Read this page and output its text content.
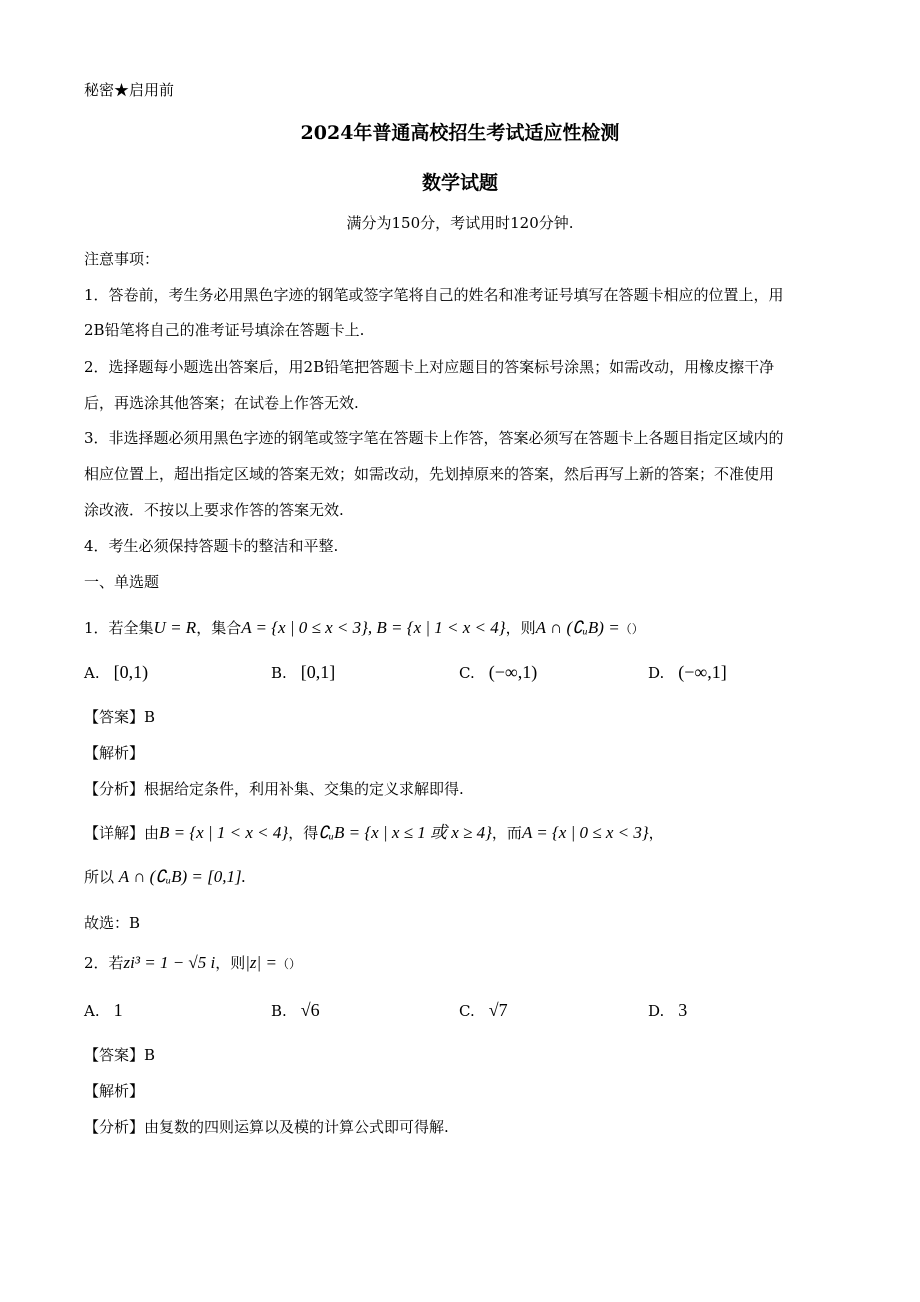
秘密★启用前
2024年普通高校招生考试适应性检测
数学试题
满分为150分，考试用时120分钟.
注意事项：
1．答卷前，考生务必用黑色字迹的钢笔或签字笔将自己的姓名和准考证号填写在答题卡相应的位置上，用
2B铅笔将自己的准考证号填涂在答题卡上.
2．选择题每小题选出答案后，用2B铅笔把答题卡上对应题目的答案标号涂黑；如需改动，用橡皮擦干净
后，再选涂其他答案；在试卷上作答无效.
3．非选择题必须用黑色字迹的钢笔或签字笔在答题卡上作答，答案必须写在答题卡上各题目指定区域内的
相应位置上，超出指定区域的答案无效；如需改动，先划掉原来的答案，然后再写上新的答案；不准使用
涂改液．不按以上要求作答的答案无效.
4．考生必须保持答题卡的整洁和平整.
一、单选题
1．若全集U = R，集合A = {x | 0 ≤ x < 3}, B = {x | 1 < x < 4}，则A ∩ (∁ᵤB) =（）
A. [0,1)	B. [0,1]	C. (−∞,1)	D. (−∞,1]
【答案】B
【解析】
【分析】根据给定条件，利用补集、交集的定义求解即得.
【详解】由B = {x | 1 < x < 4}，得∁ᵤB = {x | x ≤ 1 或 x ≥ 4}，而A = {x | 0 ≤ x < 3}，
所以 A ∩ (∁ᵤB) = [0,1].
故选：B
2．若zi³ = 1 − √5 i，则|z| =（）
A. 1	B. √6	C. √7	D. 3
【答案】B
【解析】
【分析】由复数的四则运算以及模的计算公式即可得解.
